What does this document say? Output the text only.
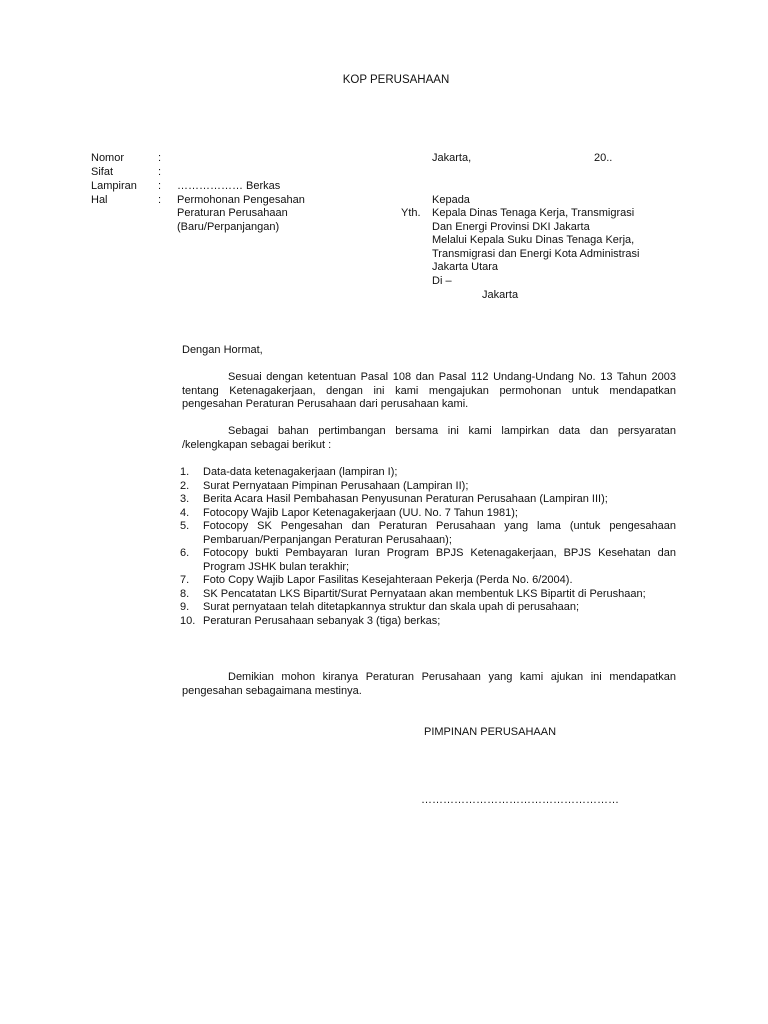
KOP PERUSAHAAN
Nomor	:
Sifat	:
Lampiran : ……………… Berkas
Hal	: Permohonan Pengesahan
Peraturan Perusahaan
(Baru/Perpanjangan)
Jakarta,	20..
Yth.
Kepada
Kepala Dinas Tenaga Kerja, Transmigrasi
Dan Energi Provinsi DKI Jakarta
Melalui Kepala Suku Dinas Tenaga Kerja,
Transmigrasi dan Energi Kota Administrasi
Jakarta Utara
Di –
Jakarta
Dengan Hormat,
Sesuai dengan ketentuan Pasal 108 dan Pasal 112 Undang-Undang No. 13 Tahun 2003 tentang Ketenagakerjaan, dengan ini kami mengajukan permohonan untuk mendapatkan pengesahan Peraturan Perusahaan dari perusahaan kami.
Sebagai bahan pertimbangan bersama ini kami lampirkan data dan persyaratan /kelengkapan sebagai berikut :
1. Data-data ketenagakerjaan (lampiran I);
2. Surat Pernyataan Pimpinan Perusahaan (Lampiran II);
3. Berita Acara Hasil Pembahasan Penyusunan Peraturan Perusahaan (Lampiran III);
4. Fotocopy Wajib Lapor Ketenagakerjaan (UU. No. 7 Tahun 1981);
5. Fotocopy SK Pengesahan dan Peraturan Perusahaan yang lama (untuk pengesahaan Pembaruan/Perpanjangan Peraturan Perusahaan);
6. Fotocopy bukti Pembayaran Iuran Program BPJS Ketenagakerjaan, BPJS Kesehatan dan Program JSHK bulan terakhir;
7. Foto Copy Wajib Lapor Fasilitas Kesejahteraan Pekerja (Perda No. 6/2004).
8. SK Pencatatan LKS Bipartit/Surat Pernyataan akan membentuk LKS Bipartit di Perushaan;
9. Surat pernyataan telah ditetapkannya struktur dan skala upah di perusahaan;
10. Peraturan Perusahaan sebanyak 3 (tiga) berkas;
Demikian mohon kiranya Peraturan Perusahaan yang kami ajukan ini mendapatkan pengesahan sebagaimana mestinya.
PIMPINAN PERUSAHAAN
………………………………………………
